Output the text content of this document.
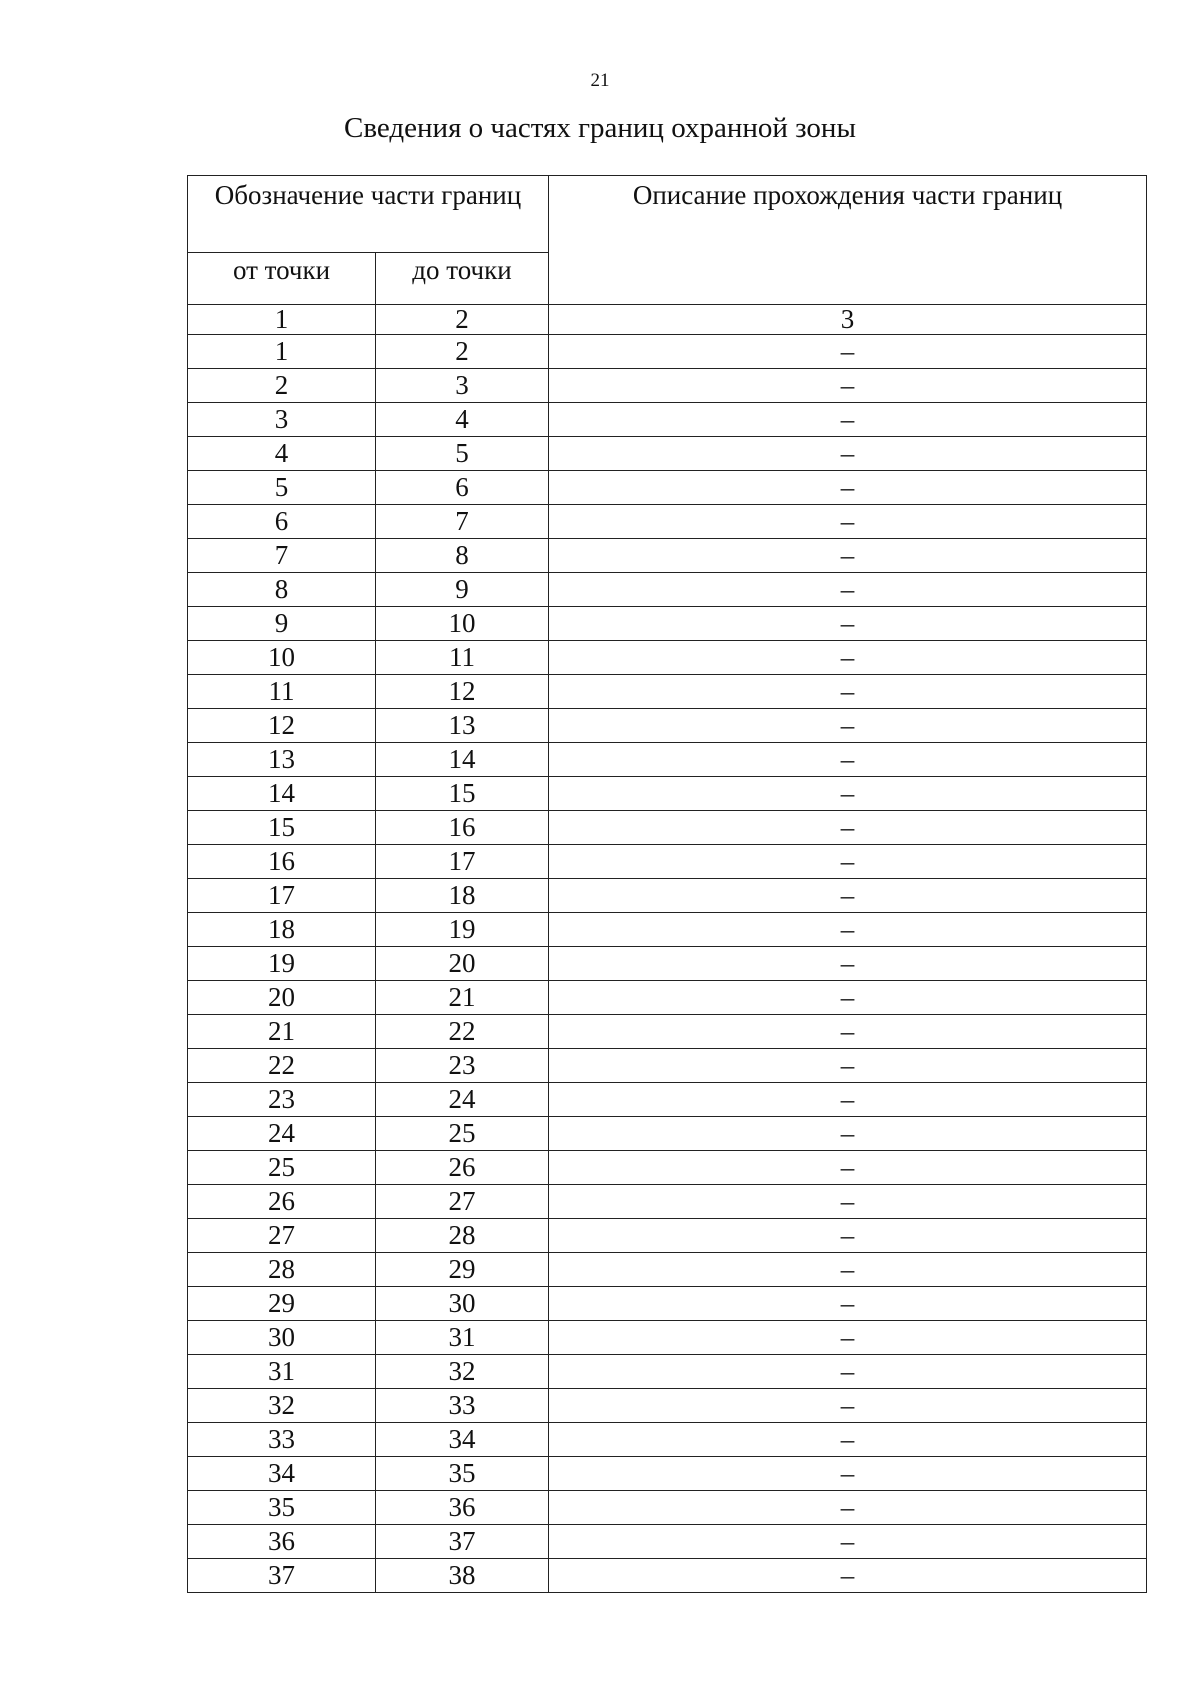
21
Сведения о частях границ охранной зоны
Обозначение части границ		Описание прохождения части границ
от точки	до точки	
1	2	3
1	2	–
2	3	–
3	4	–
4	5	–
5	6	–
6	7	–
7	8	–
8	9	–
9	10	–
10	11	–
11	12	–
12	13	–
13	14	–
14	15	–
15	16	–
16	17	–
17	18	–
18	19	–
19	20	–
20	21	–
21	22	–
22	23	–
23	24	–
24	25	–
25	26	–
26	27	–
27	28	–
28	29	–
29	30	–
30	31	–
31	32	–
32	33	–
33	34	–
34	35	–
35	36	–
36	37	–
37	38	–
